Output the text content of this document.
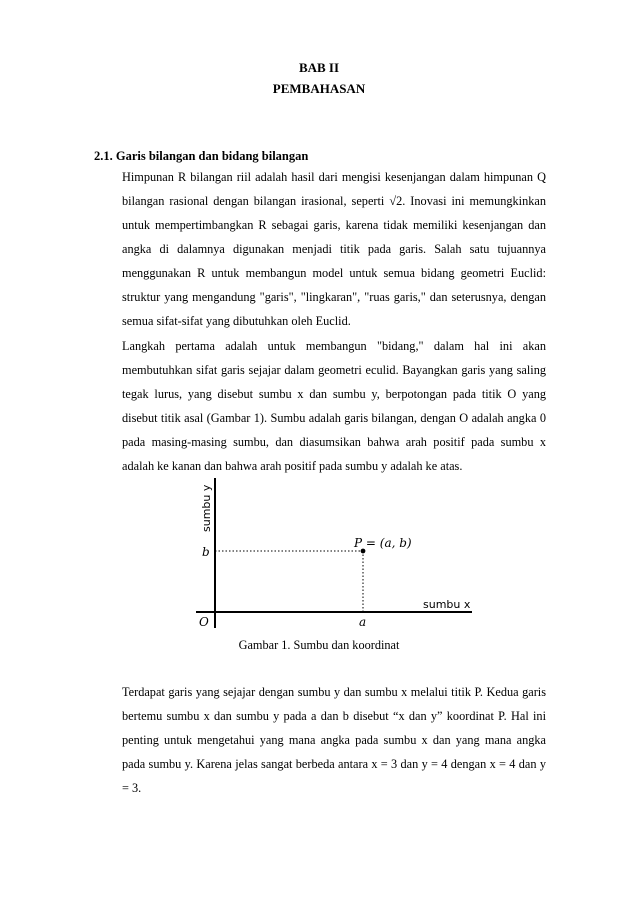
BAB II
PEMBAHASAN
2.1. Garis bilangan dan bidang bilangan

Himpunan R bilangan riil adalah hasil dari mengisi kesenjangan dalam himpunan Q bilangan rasional dengan bilangan irasional, seperti √2. Inovasi ini memungkinkan untuk mempertimbangkan R sebagai garis, karena tidak memiliki kesenjangan dan angka di dalamnya digunakan menjadi titik pada garis. Salah satu tujuannya menggunakan R untuk membangun model untuk semua bidang geometri Euclid: struktur yang mengandung "garis", "lingkaran", "ruas garis," dan seterusnya, dengan semua sifat-sifat yang dibutuhkan oleh Euclid.

Langkah pertama adalah untuk membangun "bidang," dalam hal ini akan membutuhkan sifat garis sejajar dalam geometri eculid. Bayangkan garis yang saling tegak lurus, yang disebut sumbu x dan sumbu y, berpotongan pada titik O yang disebut titik asal (Gambar 1). Sumbu adalah garis bilangan, dengan O adalah angka 0 pada masing-masing sumbu, dan diasumsikan bahwa arah positif pada sumbu x adalah ke kanan dan bahwa arah positif pada sumbu y adalah ke atas.

sumbu y
sumbu x
O
P = (a, b)
a
b
Gambar 1. Sumbu dan koordinat

Terdapat garis yang sejajar dengan sumbu y dan sumbu x melalui titik P. Kedua garis bertemu sumbu x dan sumbu y pada a dan b disebut “x dan y” koordinat P. Hal ini penting untuk mengetahui yang mana angka pada sumbu x dan yang mana angka pada sumbu y. Karena jelas sangat berbeda antara x = 3 dan y = 4 dengan x = 4 dan y = 3.
